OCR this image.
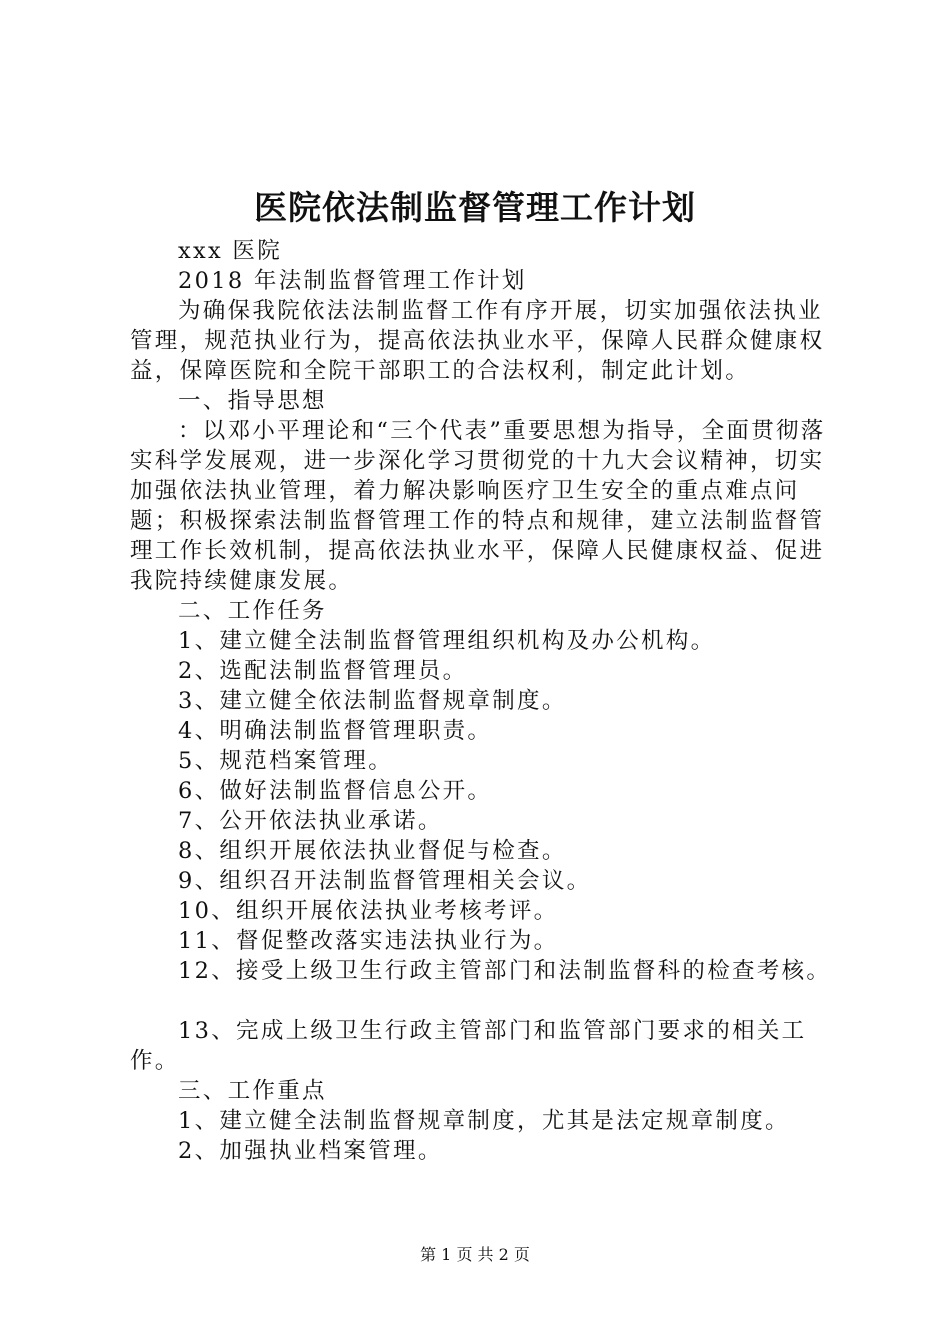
医院依法制监督管理工作计划

xxx 医院

2018 年法制监督管理工作计划

为确保我院依法法制监督工作有序开展，切实加强依法执业管理，规范执业行为，提高依法执业水平，保障人民群众健康权益，保障医院和全院干部职工的合法权利，制定此计划。

一、指导思想

：以邓小平理论和“三个代表”重要思想为指导，全面贯彻落实科学发展观，进一步深化学习贯彻党的十九大会议精神，切实加强依法执业管理，着力解决影响医疗卫生安全的重点难点问题；积极探索法制监督管理工作的特点和规律，建立法制监督管理工作长效机制，提高依法执业水平，保障人民健康权益、促进我院持续健康发展。

二、工作任务

1、建立健全法制监督管理组织机构及办公机构。

2、选配法制监督管理员。

3、建立健全依法制监督规章制度。

4、明确法制监督管理职责。

5、规范档案管理。

6、做好法制监督信息公开。

7、公开依法执业承诺。

8、组织开展依法执业督促与检查。

9、组织召开法制监督管理相关会议。

10、组织开展依法执业考核考评。

11、督促整改落实违法执业行为。

12、接受上级卫生行政主管部门和法制监督科的检查考核。

13、完成上级卫生行政主管部门和监管部门要求的相关工作。

三、工作重点

1、建立健全法制监督规章制度，尤其是法定规章制度。

2、加强执业档案管理。

第 1 页 共 2 页
